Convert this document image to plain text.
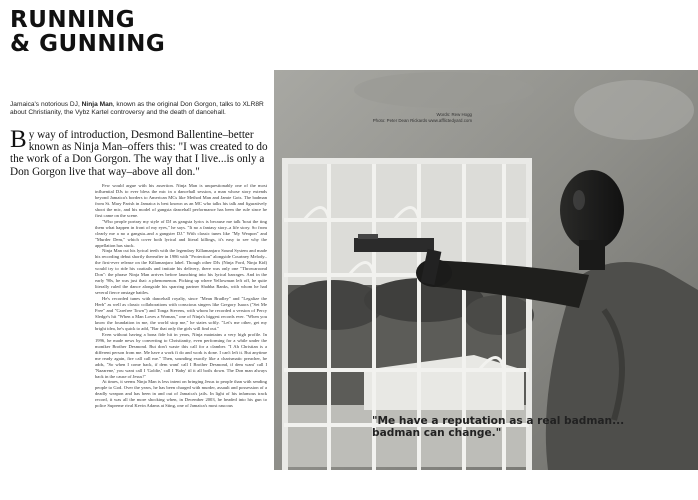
RUNNING
& GUNNING
Jamaica's notorious DJ, Ninja Man, known as the original Don Gorgon, talks to XLR8R about Christianity, the Vybz Kartel controversy and the death of dancehall.	Words: Rew Hogg
Photo: Peter Dean Rickards www.afflictedyard.com
By way of introduction, Desmond Ballentine–better known as Ninja Man–offers this: "I was created to do the work of a Don Gorgon. The way that I live...is only a Don Gorgon live that way–above all don."

Few would argue with his assertion. Ninja Man is unquestionably one of the most influential DJs to ever bless the mic in a dancehall session, a man whose story extends beyond Jamaica's borders to American MCs like Method Man and Jamie Gots. The badman from St. Mary Parish in Jamaica is best known as an MC who talks his talk and figuratively shoot the mic, and his model of gangsta dancehall performance has been the rule since he first came on the scene.

"Who people portray my style of DJ as gangsta lyrics is because me talk 'bout the ting them what happen in front of my eyes," he says. "It no a fantasy story–a life story. So from clearly me a no a gangsta–and a gangster DJ." With classic tunes like "My Weapon" and "Murder Dem," which cover both lyrical and literal killings, it's easy to see why the appellation has stuck.

Ninja Man cut his lyrical teeth with the legendary Killamanjaro Sound System and made his recording debut shortly thereafter in 1986 with "Protection" alongside Courtney Melody–the first-ever release on the Killamanjaro label. Though other DJs (Ninja Ford, Ninja Kid) would try to ride his coattails and imitate his delivery, there was only one "Throwaroond Don": the phrase Ninja Man arrives before launching into his lyrical barrages. And in the early '90s, he was just that: a phenomenon. Picking up where Yellowman left off, he quite literally ruled the dance alongside his sparring partner Shabba Ranks, with whom he had several fierce onstage battles.

He's recorded tunes with dancehall royalty, since "Mean Bradley" and "Legalize the Herb" as well as classic collaborations with conscious singers like Gregory Isaacs ("Set Me Free" and "Carefree Town") and Tonga Stevens, with whom he recorded a version of Percy Sledge's hit "When a Man Loves a Woman," one of Ninja's biggest records ever. "When you know the foundation in me, the world stop me," he states softly. "Let's me other, get my bright idea, he's quick to add, "Bar that only the girls will find out."

Even without having a bona fide hit in years, Ninja maintains a very high profile. In 1996, he made news by converting to Christianity, even performing for a while under the moniker Brother Desmond. But don't waste this call for a clamber. "I Ah Christian is a different person from me. Me have a work fi do and work is done. I can't left it. But anytime me ready again, fire call call me." Then, sounding exactly like a charismatic preacher, he adds, "So when I come back, if dem want' call I Brother Desmond, if dem want' call I 'Nazarene,' you want call I 'Goldie,' call I 'Baby' til it all boils down. The Don man always back in the cause of Jesus!"

At times, it seems Ninja Man is less intent on bringing Jesus to people than with sending people to God. Over the years, he has been charged with murder, assault and possession of a deadly weapon and has been in and out of Jamaica's jails. In light of his infamous track record, it was all the more shocking when, in December 2003, he headed into his gun to police Supreme rival Kevin Adams at Sting, one of Jamaica's most raucous

"Me have a reputation as a real badman...
badman can change."
